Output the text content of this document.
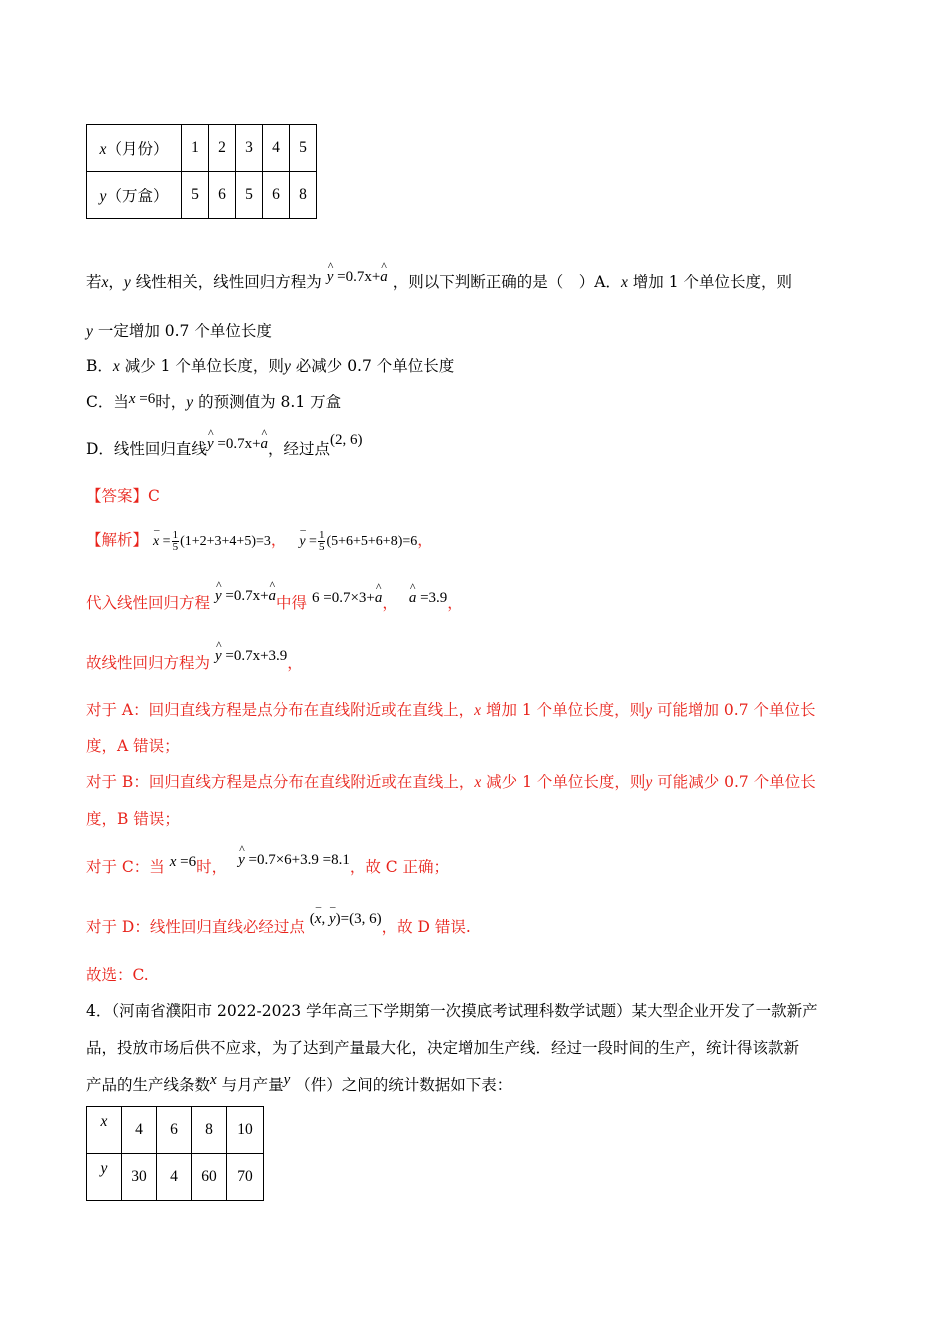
x（月份）	1	2	3	4	5
y（万盒）	5	6	5	6	8
若x，y 线性相关，线性回归方程为 ^ y =0.7x+^ a ，则以下判断正确的是（　）A．x 增加 1 个单位长度，则
y 一定增加 0.7 个单位长度
B．x 减少 1 个单位长度，则y 必减少 0.7 个单位长度
C．当x =6时，y 的预测值为 8.1 万盒
D．线性回归直线^ y =0.7x+^ a，经过点(2, 6)
【答案】C
【解析】 – $x = \frac{1}{5} (1+2+3+4+5)=3$， – $y = \frac{1}{5} (5+6+5+6+8)=6$，
代入线性回归方程 ^ y =0.7x+^ a中得 6 =0.7×3+^ a， ^ a =3.9，
故线性回归方程为 ^ y =0.7x+3.9，
对于 A：回归直线方程是点分布在直线附近或在直线上，x 增加 1 个单位长度，则y 可能增加 0.7 个单位长
度，A 错误；
对于 B：回归直线方程是点分布在直线附近或在直线上，x 减少 1 个单位长度，则y 可能减少 0.7 个单位长
度，B 错误；
对于 C：当 x =6时， ^ y =0.7×6+3.9 =8.1，故 C 正确；
对于 D：线性回归直线必经过点 (– x, – y)=(3, 6)，故 D 错误.
故选：C.
4．（河南省濮阳市 2022-2023 学年高三下学期第一次摸底考试理科数学试题）某大型企业开发了一款新产
品，投放市场后供不应求，为了达到产量最大化，决定增加生产线．经过一段时间的生产，统计得该款新
产品的生产线条数x 与月产量y （件）之间的统计数据如下表：
x	4	6	8	10
y	30	4	60	70
